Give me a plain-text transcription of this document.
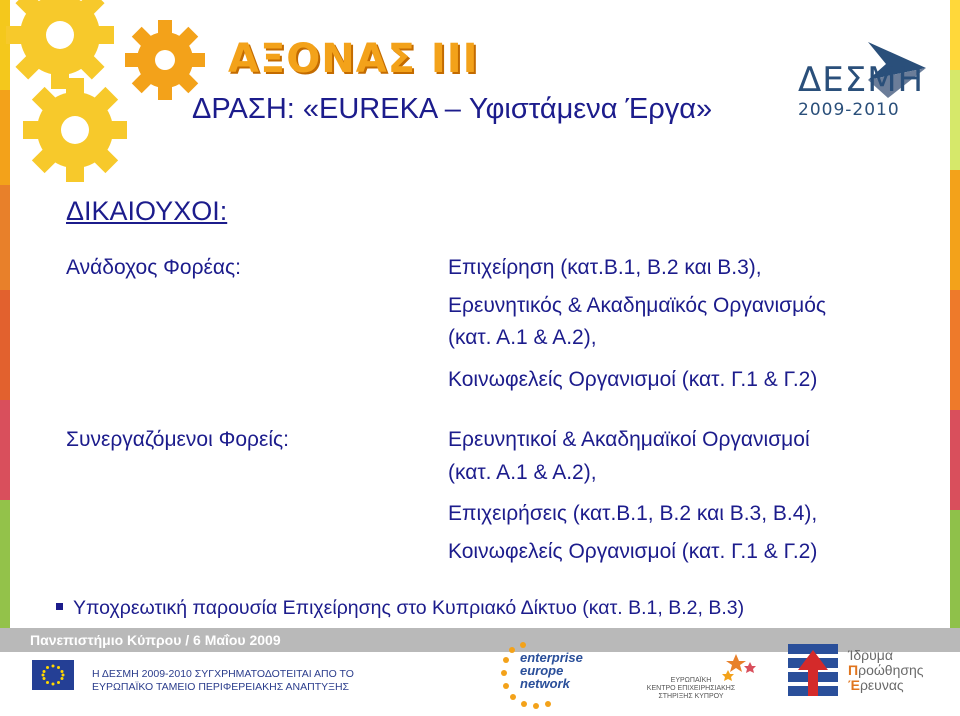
ΑΞΟΝΑΣ ΙΙΙ	ΔΕΣΜΗ
2009-2010
ΔΡΑΣΗ: «EUREKA – Υφιστάμενα Έργα»
ΔΙΚΑΙΟΥΧΟΙ:
Ανάδοχος Φορέας:	Επιχείρηση (κατ.Β.1, Β.2 και Β.3),
Ερευνητικός & Ακαδημαϊκός Οργανισμός
(κατ. Α.1 & Α.2),
Κοινωφελείς Οργανισμοί (κατ. Γ.1 & Γ.2)
Συνεργαζόμενοι Φορείς:	Ερευνητικοί & Ακαδημαϊκοί Οργανισμοί
(κατ. Α.1 & Α.2),
Επιχειρήσεις (κατ.Β.1, Β.2 και Β.3, Β.4),
Κοινωφελείς Οργανισμοί (κατ. Γ.1 & Γ.2)
Υποχρεωτική παρουσία Επιχείρησης στο Κυπριακό Δίκτυο (κατ. Β.1, Β.2, Β.3)
Πανεπιστήμιο Κύπρου / 6 Μαΐου 2009
Η ΔΕΣΜΗ 2009-2010 ΣΥΓΧΡΗΜΑΤΟΔΟΤΕΙΤΑΙ ΑΠΟ ΤΟ
ΕΥΡΩΠΑΪΚΟ ΤΑΜΕΙΟ ΠΕΡΙΦΕΡΕΙΑΚΗΣ ΑΝΑΠΤΥΞΗΣ
enterprise
europe
network	ΕΥΡΩΠΑΪΚΗ
ΚΕΝΤΡΟ ΕΠΙΧΕΙΡΗΣΙΑΚΗΣ
ΣΤΗΡΙΞΗΣ ΚΥΠΡΟΥ
Ίδρυμα
Προώθησης
Έρευνας
